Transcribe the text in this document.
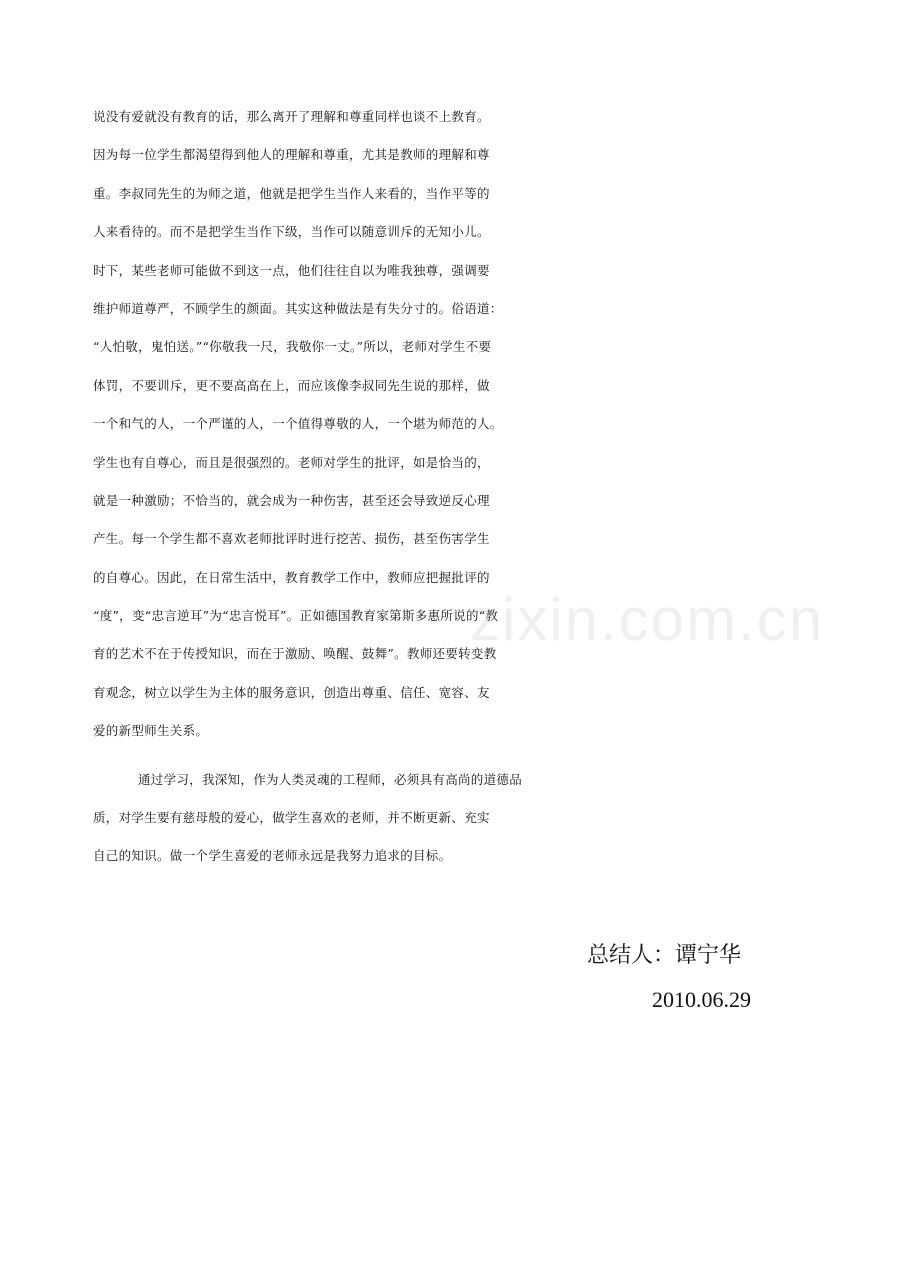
说没有爱就没有教育的话，那么离开了理解和尊重同样也谈不上教育。
因为每一位学生都渴望得到他人的理解和尊重，尤其是教师的理解和尊
重。李叔同先生的为师之道，他就是把学生当作人来看的，当作平等的
人来看待的。而不是把学生当作下级，当作可以随意训斥的无知小儿。
时下，某些老师可能做不到这一点，他们往往自以为唯我独尊，强调要
维护师道尊严，不顾学生的颜面。其实这种做法是有失分寸的。俗语道：
“人怕敬，鬼怕送。”“你敬我一尺，我敬你一丈。”所以，老师对学生不要
体罚，不要训斥，更不要高高在上，而应该像李叔同先生说的那样，做
一个和气的人，一个严谨的人，一个值得尊敬的人，一个堪为师范的人。
学生也有自尊心，而且是很强烈的。老师对学生的批评，如是恰当的，
就是一种激励；不恰当的，就会成为一种伤害，甚至还会导致逆反心理
产生。每一个学生都不喜欢老师批评时进行挖苦、损伤，甚至伤害学生
的自尊心。因此，在日常生活中，教育教学工作中，教师应把握批评的
“度”，变“忠言逆耳”为“忠言悦耳”。正如德国教育家第斯多惠所说的“教
育的艺术不在于传授知识，而在于激励、唤醒、鼓舞”。教师还要转变教
育观念，树立以学生为主体的服务意识，创造出尊重、信任、宽容、友
爱的新型师生关系。
通过学习，我深知，作为人类灵魂的工程师，必须具有高尚的道德品
质，对学生要有慈母般的爱心，做学生喜欢的老师，并不断更新、充实
自己的知识。做一个学生喜爱的老师永远是我努力追求的目标。
总结人：谭宁华
2010.06.29
zixin.com.cn
